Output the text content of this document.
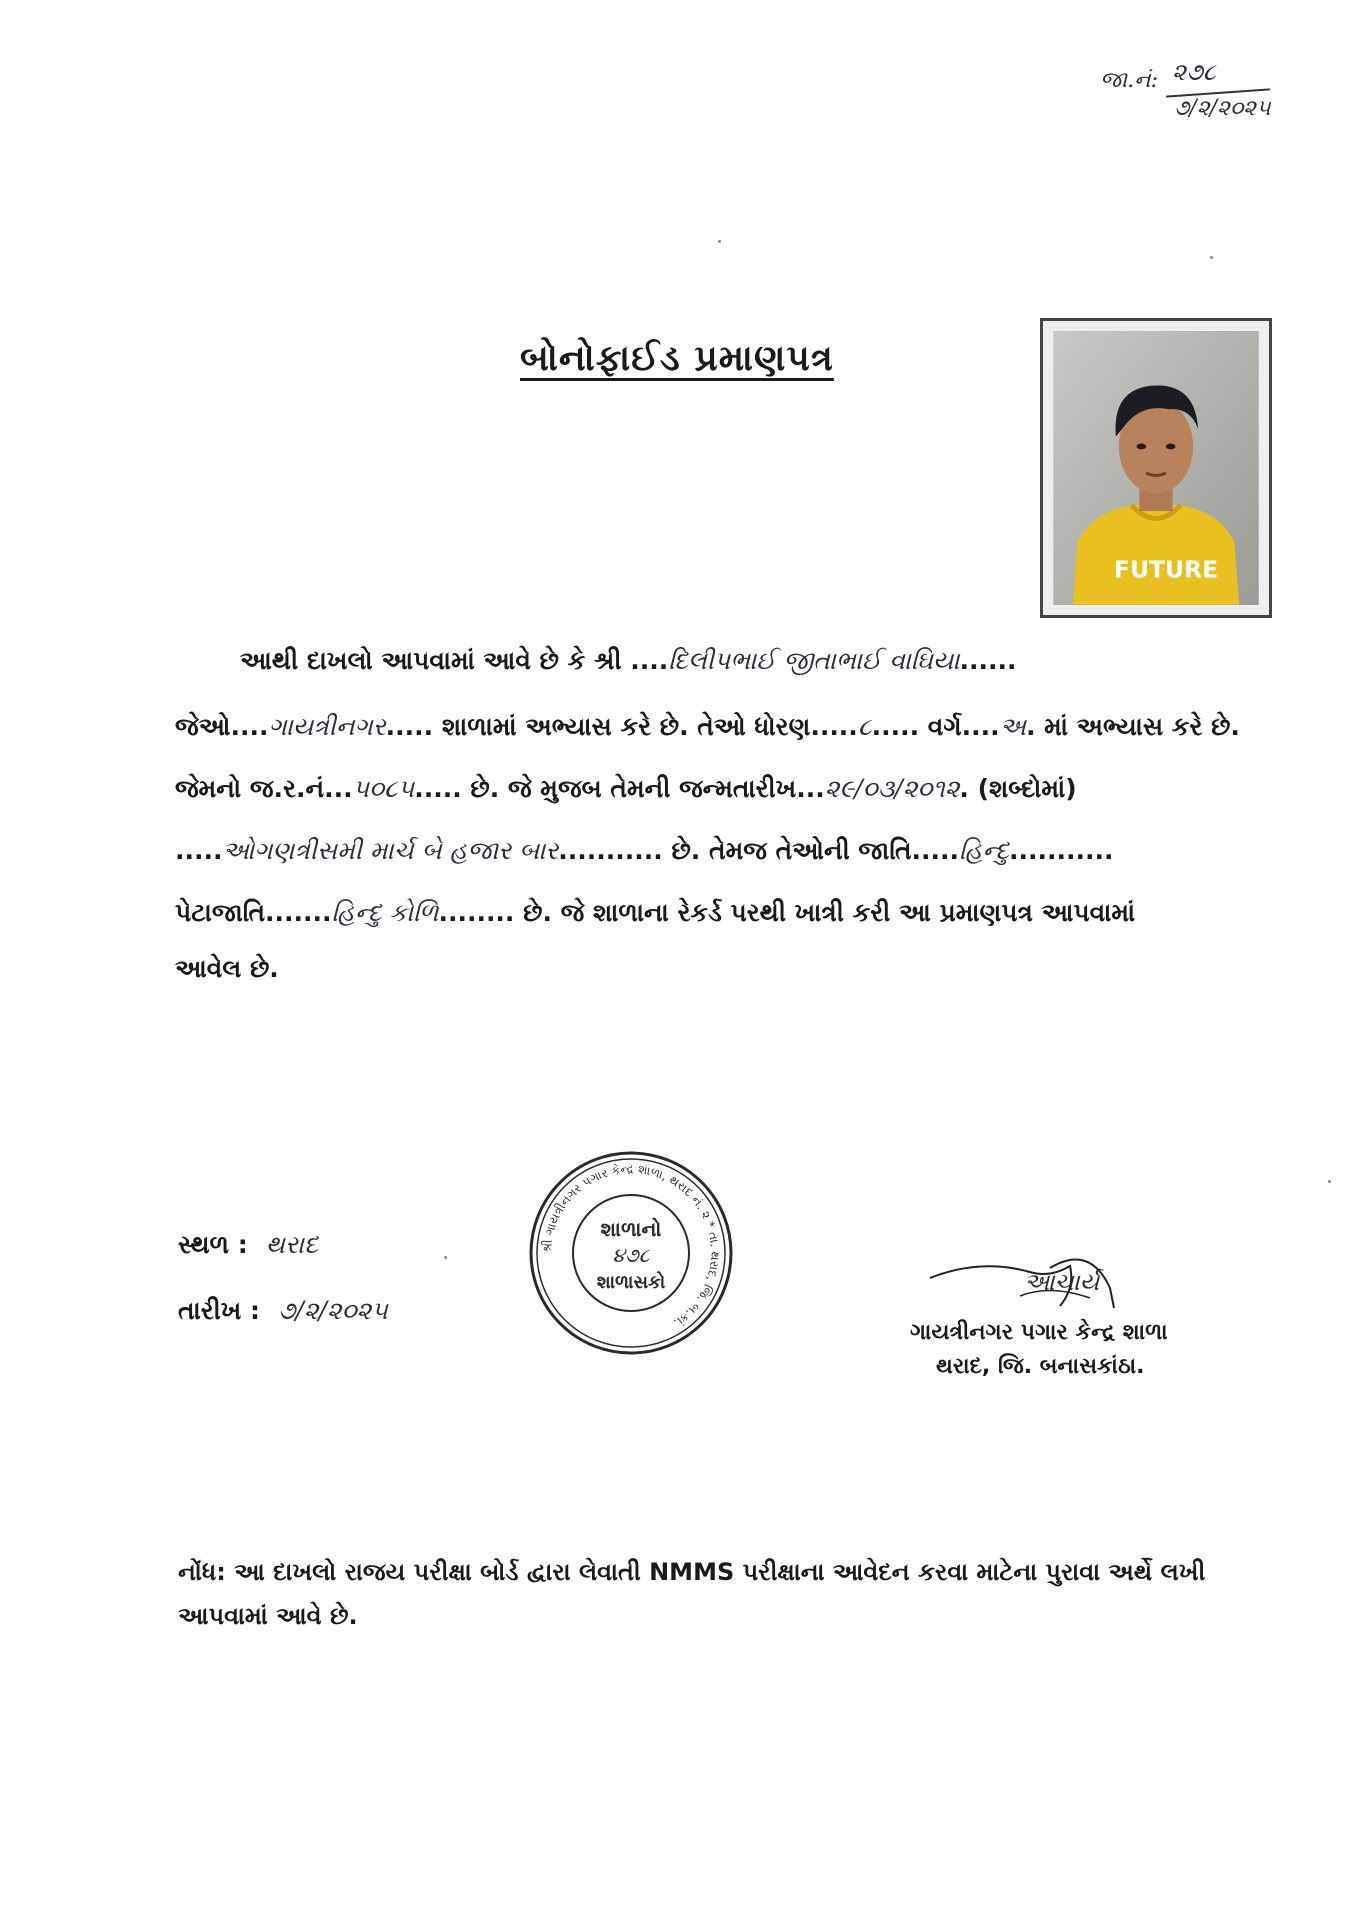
જા.નં: ૨૭૮
૭/૨/૨૦૨૫
બોનોફાઈડ પ્રમાણપત્ર
FUTURE
આથી દાખલો આપવામાં આવે છે કે શ્રી ....દિલીપભાઈ જીતાભાઈ વાઘિયા......
જેઓ....ગાયત્રીનગર..... શાળામાં અભ્યાસ કરે છે. તેઓ ધોરણ.....૮..... વર્ગ....અ. માં અભ્યાસ કરે છે.
જેમનો જ.ર.નં...૫૦૮૫..... છે. જે મુજબ તેમની જન્મતારીખ...૨૯/૦૩/૨૦૧૨. (શબ્દોમાં)
.....ઓગણત્રીસમી માર્ચ બે હજાર બાર........... છે. તેમજ તેઓની જાતિ.....હિન્દુ...........
પેટાજાતિ.......હિન્દુ કોળિ........ છે. જે શાળાના રેકર્ડ પરથી ખાત્રી કરી આ પ્રમાણપત્ર આપવામાં
આવેલ છે.
સ્થળ : થરાદ
તારીખ : ૭/૨/૨૦૨૫
શ્રી ગાયત્રીનગર પગાર કેન્દ્ર શાળા, થરાદ નં. ૨ * તા. થરાદ, જિ. બ.કાં.
શાળાનો
૪૭૮
શાળાસકો	આચાર્ય
ગાયત્રીનગર પગાર કેન્દ્ર શાળા
થરાદ, જિ. બનાસકાંઠા.
નોંધ: આ દાખલો રાજય પરીક્ષા બોર્ડ દ્વારા લેવાતી NMMS પરીક્ષાના આવેદન કરવા માટેના પુરાવા અર્થે લખી આપવામાં આવે છે.
